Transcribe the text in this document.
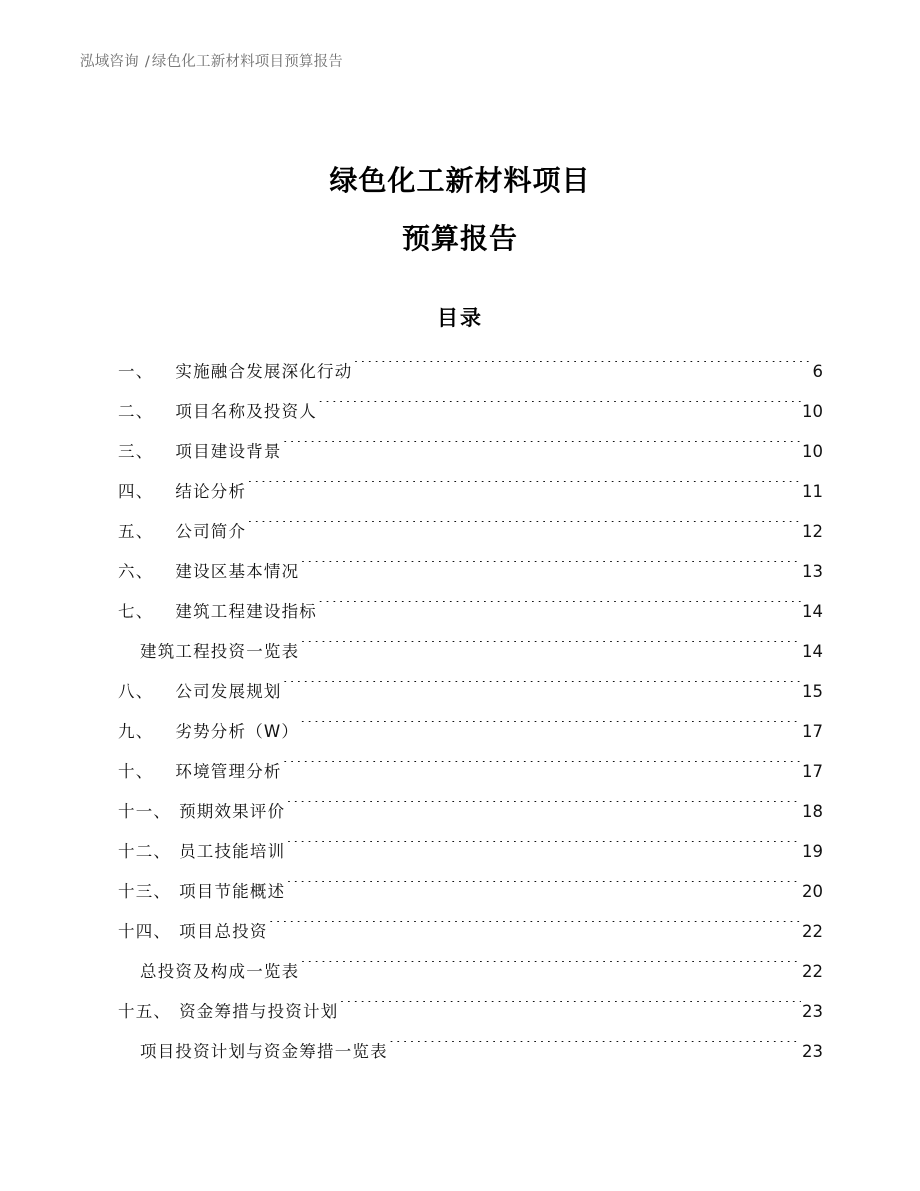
泓域咨询 / 绿色化工新材料项目预算报告
绿色化工新材料项目
预算报告
目录
一、	实施融合发展深化行动 .....	6
二、	项目名称及投资人 .....	10
三、	项目建设背景 .....	10
四、	结论分析 .....	11
五、	公司简介 .....	12
六、	建设区基本情况 .....	13
七、	建筑工程建设指标 .....	14
建筑工程投资一览表 .....	14
八、	公司发展规划 .....	15
九、	劣势分析（W） .....	17
十、	环境管理分析 .....	17
十一、 预期效果评价 .....	18
十二、 员工技能培训 .....	19
十三、 项目节能概述 .....	20
十四、 项目总投资 .....	22
总投资及构成一览表 .....	22
十五、 资金筹措与投资计划 .....	23
项目投资计划与资金筹措一览表 .....	23
